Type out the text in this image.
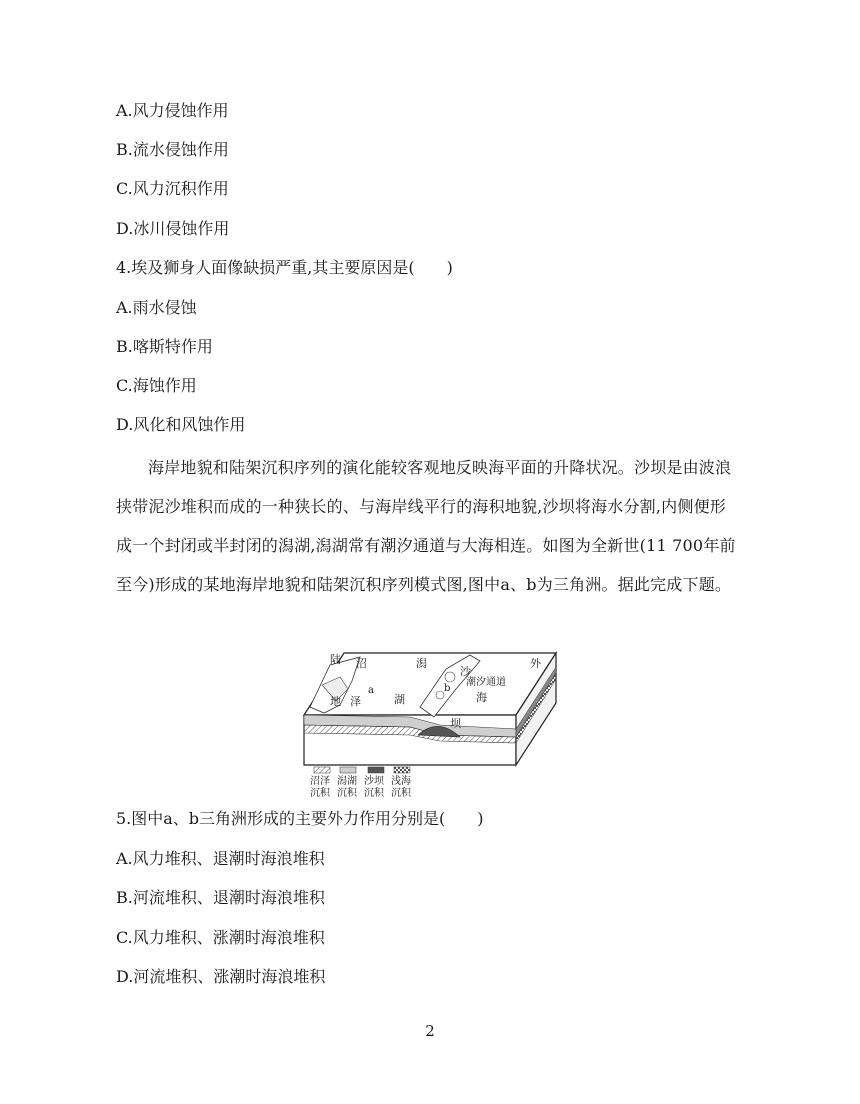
A.风力侵蚀作用
B.流水侵蚀作用
C.风力沉积作用
D.冰川侵蚀作用
4.埃及狮身人面像缺损严重,其主要原因是(　　)
A.雨水侵蚀
B.喀斯特作用
C.海蚀作用
D.风化和风蚀作用
海岸地貌和陆架沉积序列的演化能较客观地反映海平面的升降状况。沙坝是由波浪挟带泥沙堆积而成的一种狭长的、与海岸线平行的海积地貌,沙坝将海水分割,内侧便形成一个封闭或半封闭的潟湖,潟湖常有潮汐通道与大海相连。如图为全新世(11 700年前至今)形成的某地海岸地貌和陆架沉积序列模式图,图中a、b为三角洲。据此完成下题。
陆
地
沼
泽
潟
湖
a	b
沙
坝
外
海
潮汐通道
沼泽
沉积
潟湖
沉积
沙坝
沉积
浅海
沉积
5.图中a、b三角洲形成的主要外力作用分别是(　　)
A.风力堆积、退潮时海浪堆积
B.河流堆积、退潮时海浪堆积
C.风力堆积、涨潮时海浪堆积
D.河流堆积、涨潮时海浪堆积
2
